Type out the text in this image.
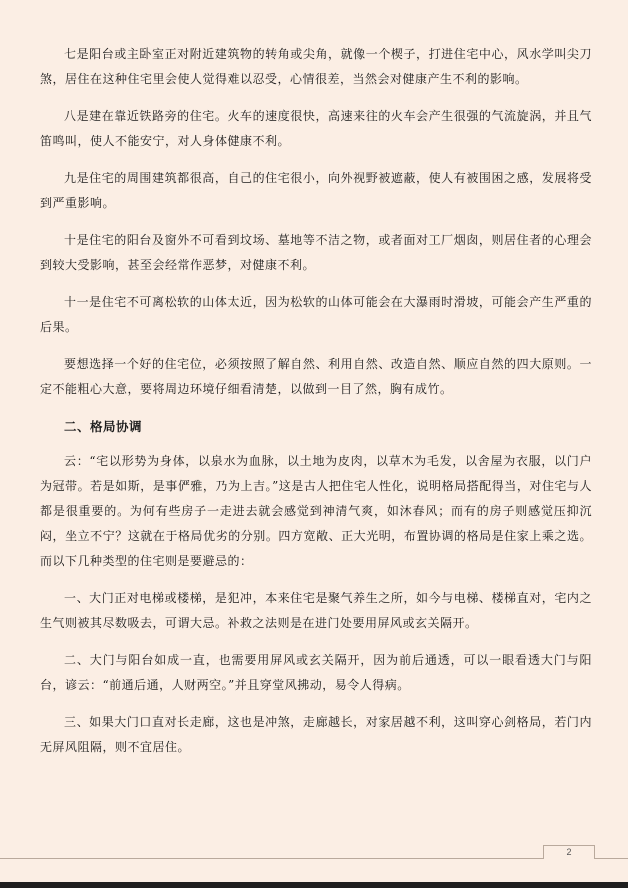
七是阳台或主卧室正对附近建筑物的转角或尖角，就像一个楔子，打进住宅中心，风水学叫尖刀煞，居住在这种住宅里会使人觉得难以忍受，心情很差，当然会对健康产生不利的影响。

八是建在靠近铁路旁的住宅。火车的速度很快，高速来往的火车会产生很强的气流旋涡，并且气笛鸣叫，使人不能安宁，对人身体健康不利。

九是住宅的周围建筑都很高，自己的住宅很小，向外视野被遮蔽，使人有被围困之感，发展将受到严重影响。

十是住宅的阳台及窗外不可看到坟场、墓地等不洁之物，或者面对工厂烟囱，则居住者的心理会到较大受影响，甚至会经常作恶梦，对健康不利。

十一是住宅不可离松软的山体太近，因为松软的山体可能会在大瀑雨时滑坡，可能会产生严重的后果。

要想选择一个好的住宅位，必须按照了解自然、利用自然、改造自然、顺应自然的四大原则。一定不能粗心大意，要将周边环境仔细看清楚，以做到一目了然，胸有成竹。

二、格局协调

云：“宅以形势为身体，以泉水为血脉，以土地为皮肉，以草木为毛发，以舍屋为衣服，以门户为冠带。若是如斯，是事俨雅，乃为上吉。”这是古人把住宅人性化，说明格局搭配得当，对住宅与人都是很重要的。为何有些房子一走进去就会感觉到神清气爽，如沐春风；而有的房子则感觉压抑沉闷，坐立不宁？这就在于格局优劣的分别。四方宽敞、正大光明，布置协调的格局是住家上乘之选。而以下几种类型的住宅则是要避忌的：

一、大门正对电梯或楼梯，是犯冲，本来住宅是聚气养生之所，如今与电梯、楼梯直对，宅内之生气则被其尽数吸去，可谓大忌。补救之法则是在进门处要用屏风或玄关隔开。

二、大门与阳台如成一直，也需要用屏风或玄关隔开，因为前后通透，可以一眼看透大门与阳台，谚云：“前通后通，人财两空。”并且穿堂风拂动，易令人得病。

三、如果大门口直对长走廊，这也是冲煞，走廊越长，对家居越不利，这叫穿心剑格局，若门内无屏风阻隔，则不宜居住。

2
